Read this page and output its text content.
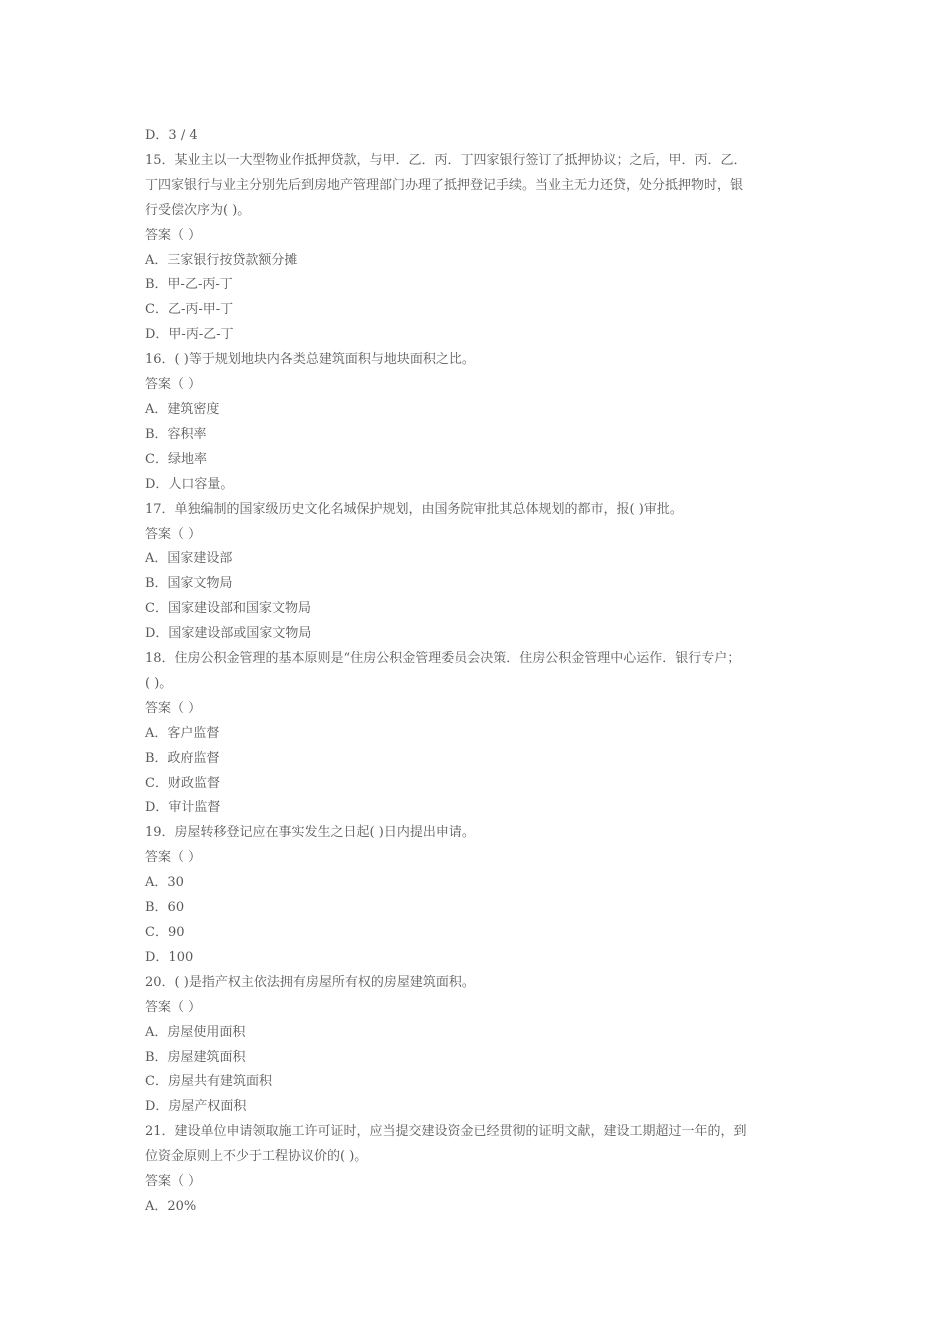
D．3 / 4

15．某业主以一大型物业作抵押贷款，与甲．乙．丙．丁四家银行签订了抵押协议；之后，甲．丙．乙．

丁四家银行与业主分别先后到房地产管理部门办理了抵押登记手续。当业主无力还贷，处分抵押物时，银

行受偿次序为( )。

答案（ ）

A．三家银行按贷款额分摊

B．甲-乙-丙-丁

C．乙-丙-甲-丁

D．甲-丙-乙-丁

16．( )等于规划地块内各类总建筑面积与地块面积之比。

答案（ ）

A．建筑密度

B．容积率

C．绿地率

D．人口容量。

17．单独编制的国家级历史文化名城保护规划，由国务院审批其总体规划的都市，报( )审批。

答案（ ）

A．国家建设部

B．国家文物局

C．国家建设部和国家文物局

D．国家建设部或国家文物局

18．住房公积金管理的基本原则是“住房公积金管理委员会决策．住房公积金管理中心运作．银行专户；

( )。

答案（ ）

A．客户监督

B．政府监督

C．财政监督

D．审计监督

19．房屋转移登记应在事实发生之日起( )日内提出申请。

答案（ ）

A．30

B．60

C．90

D．100

20．( )是指产权主依法拥有房屋所有权的房屋建筑面积。

答案（ ）

A．房屋使用面积

B．房屋建筑面积

C．房屋共有建筑面积

D．房屋产权面积

21．建设单位申请领取施工许可证时，应当提交建设资金已经贯彻的证明文献，建设工期超过一年的，到

位资金原则上不少于工程协议价的( )。

答案（ ）

A．20%
